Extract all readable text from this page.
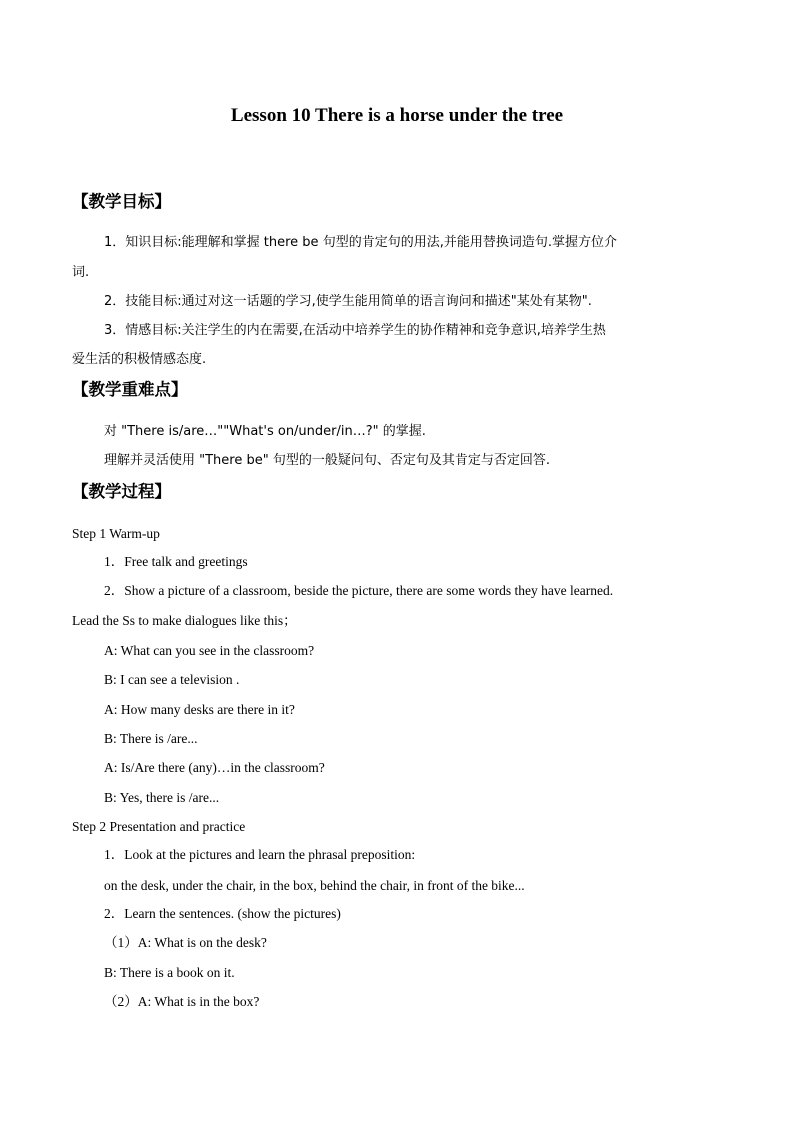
Lesson 10 There is a horse under the tree
【教学目标】
1．知识目标:能理解和掌握 there be 句型的肯定句的用法,并能用替换词造句.掌握方位介
词.
2．技能目标:通过对这一话题的学习,使学生能用简单的语言询问和描述"某处有某物".
3．情感目标:关注学生的内在需要,在活动中培养学生的协作精神和竞争意识,培养学生热
爱生活的积极情感态度.
【教学重难点】
对 "There is/are…""What's on/under/in…?" 的掌握.
理解并灵活使用 "There be" 句型的一般疑问句、否定句及其肯定与否定回答.
【教学过程】
Step 1 Warm-up
1．Free talk and greetings
2．Show a picture of a classroom, beside the picture, there are some words they have learned.
Lead the Ss to make dialogues like this；
A: What can you see in the classroom?
B: I can see a television .
A: How many desks are there in it?
B: There is /are...
A: Is/Are there (any)…in the classroom?
B: Yes, there is /are...
Step 2 Presentation and practice
1．Look at the pictures and learn the phrasal preposition:
on the desk, under the chair, in the box, behind the chair, in front of the bike...
2．Learn the sentences. (show the pictures)
（1）A: What is on the desk?
B: There is a book on it.
（2）A: What is in the box?
